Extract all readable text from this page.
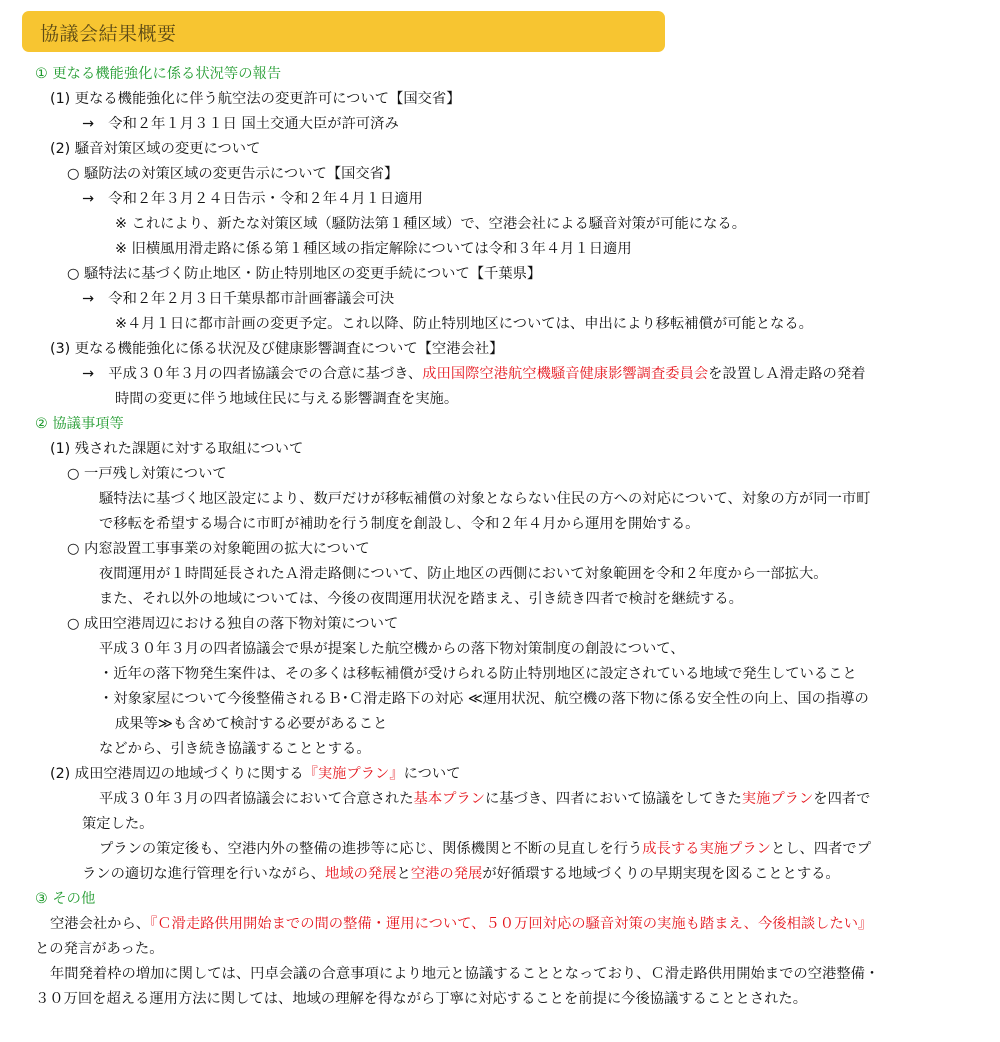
協議会結果概要
① 更なる機能強化に係る状況等の報告
(1) 更なる機能強化に伴う航空法の変更許可について【国交省】
→　令和２年１月３１日 国土交通大臣が許可済み
(2) 騒音対策区域の変更について
○ 騒防法の対策区域の変更告示について【国交省】
→　令和２年３月２４日告示・令和２年４月１日適用
※ これにより、新たな対策区域（騒防法第１種区域）で、空港会社による騒音対策が可能になる。
※ 旧横風用滑走路に係る第１種区域の指定解除については令和３年４月１日適用
○ 騒特法に基づく防止地区・防止特別地区の変更手続について【千葉県】
→　令和２年２月３日千葉県都市計画審議会可決
※４月１日に都市計画の変更予定。これ以降、防止特別地区については、申出により移転補償が可能となる。
(3) 更なる機能強化に係る状況及び健康影響調査について【空港会社】
→　平成３０年３月の四者協議会での合意に基づき、成田国際空港航空機騒音健康影響調査委員会を設置しＡ滑走路の発着
時間の変更に伴う地域住民に与える影響調査を実施。
② 協議事項等
(1) 残された課題に対する取組について
○ 一戸残し対策について
騒特法に基づく地区設定により、数戸だけが移転補償の対象とならない住民の方への対応について、対象の方が同一市町
で移転を希望する場合に市町が補助を行う制度を創設し、令和２年４月から運用を開始する。
○ 内窓設置工事事業の対象範囲の拡大について
夜間運用が１時間延長されたＡ滑走路側について、防止地区の西側において対象範囲を令和２年度から一部拡大。
また、それ以外の地域については、今後の夜間運用状況を踏まえ、引き続き四者で検討を継続する。
○ 成田空港周辺における独自の落下物対策について
平成３０年３月の四者協議会で県が提案した航空機からの落下物対策制度の創設について、
・近年の落下物発生案件は、その多くは移転補償が受けられる防止特別地区に設定されている地域で発生していること
・対象家屋について今後整備されるＢ･Ｃ滑走路下の対応 ≪運用状況、航空機の落下物に係る安全性の向上、国の指導の
成果等≫も含めて検討する必要があること
などから、引き続き協議することとする。
(2) 成田空港周辺の地域づくりに関する『実施プラン』について
平成３０年３月の四者協議会において合意された基本プランに基づき、四者において協議をしてきた実施プランを四者で
策定した。
プランの策定後も、空港内外の整備の進捗等に応じ、関係機関と不断の見直しを行う成長する実施プランとし、四者でプ
ランの適切な進行管理を行いながら、地域の発展と空港の発展が好循環する地域づくりの早期実現を図ることとする。
③ その他
空港会社から、『Ｃ滑走路供用開始までの間の整備・運用について、５０万回対応の騒音対策の実施も踏まえ、今後相談したい』
との発言があった。
年間発着枠の増加に関しては、円卓会議の合意事項により地元と協議することとなっており、Ｃ滑走路供用開始までの空港整備・
３０万回を超える運用方法に関しては、地域の理解を得ながら丁寧に対応することを前提に今後協議することとされた。
